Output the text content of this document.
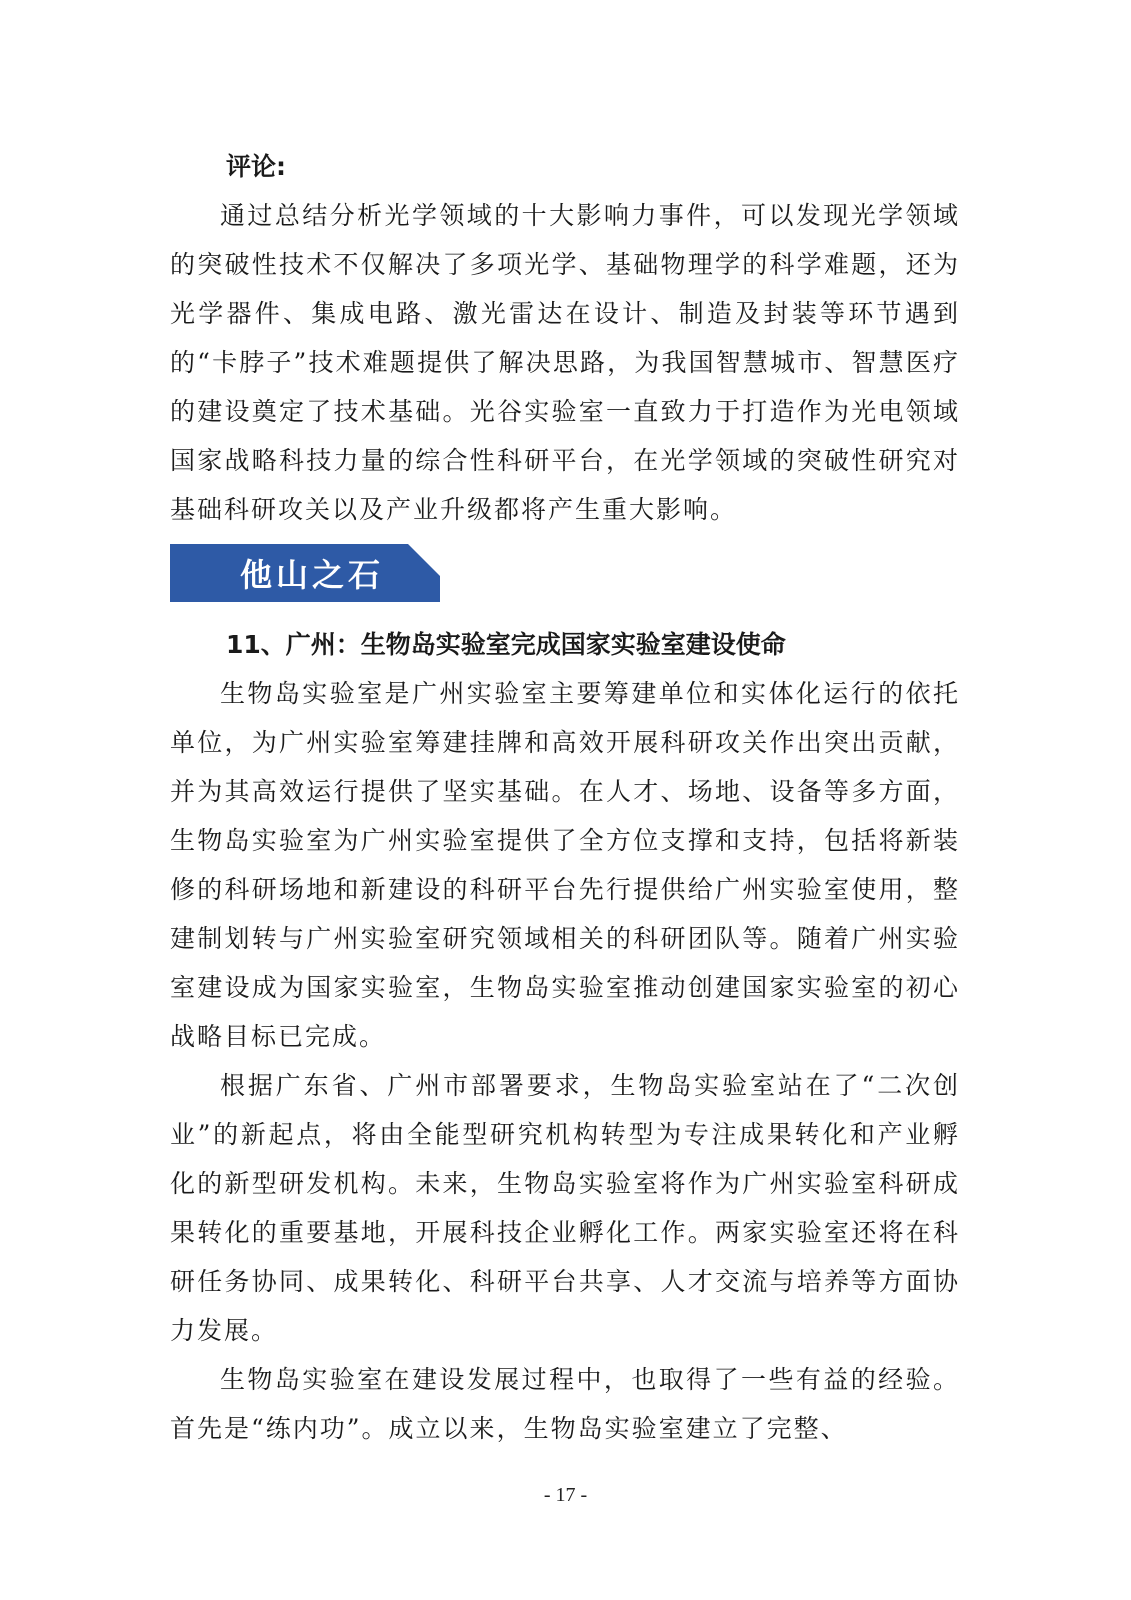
评论:

通过总结分析光学领域的十大影响力事件，可以发现光学领域的突破性技术不仅解决了多项光学、基础物理学的科学难题，还为光学器件、集成电路、激光雷达在设计、制造及封装等环节遇到的“卡脖子”技术难题提供了解决思路，为我国智慧城市、智慧医疗的建设奠定了技术基础。光谷实验室一直致力于打造作为光电领域国家战略科技力量的综合性科研平台，在光学领域的突破性研究对基础科研攻关以及产业升级都将产生重大影响。

他山之石

11、广州：生物岛实验室完成国家实验室建设使命

生物岛实验室是广州实验室主要筹建单位和实体化运行的依托单位，为广州实验室筹建挂牌和高效开展科研攻关作出突出贡献，并为其高效运行提供了坚实基础。在人才、场地、设备等多方面，生物岛实验室为广州实验室提供了全方位支撑和支持，包括将新装修的科研场地和新建设的科研平台先行提供给广州实验室使用，整建制划转与广州实验室研究领域相关的科研团队等。随着广州实验室建设成为国家实验室，生物岛实验室推动创建国家实验室的初心战略目标已完成。

根据广东省、广州市部署要求，生物岛实验室站在了“二次创业”的新起点，将由全能型研究机构转型为专注成果转化和产业孵化的新型研发机构。未来，生物岛实验室将作为广州实验室科研成果转化的重要基地，开展科技企业孵化工作。两家实验室还将在科研任务协同、成果转化、科研平台共享、人才交流与培养等方面协力发展。

生物岛实验室在建设发展过程中，也取得了一些有益的经验。首先是“练内功”。成立以来，生物岛实验室建立了完整、

- 17 -
